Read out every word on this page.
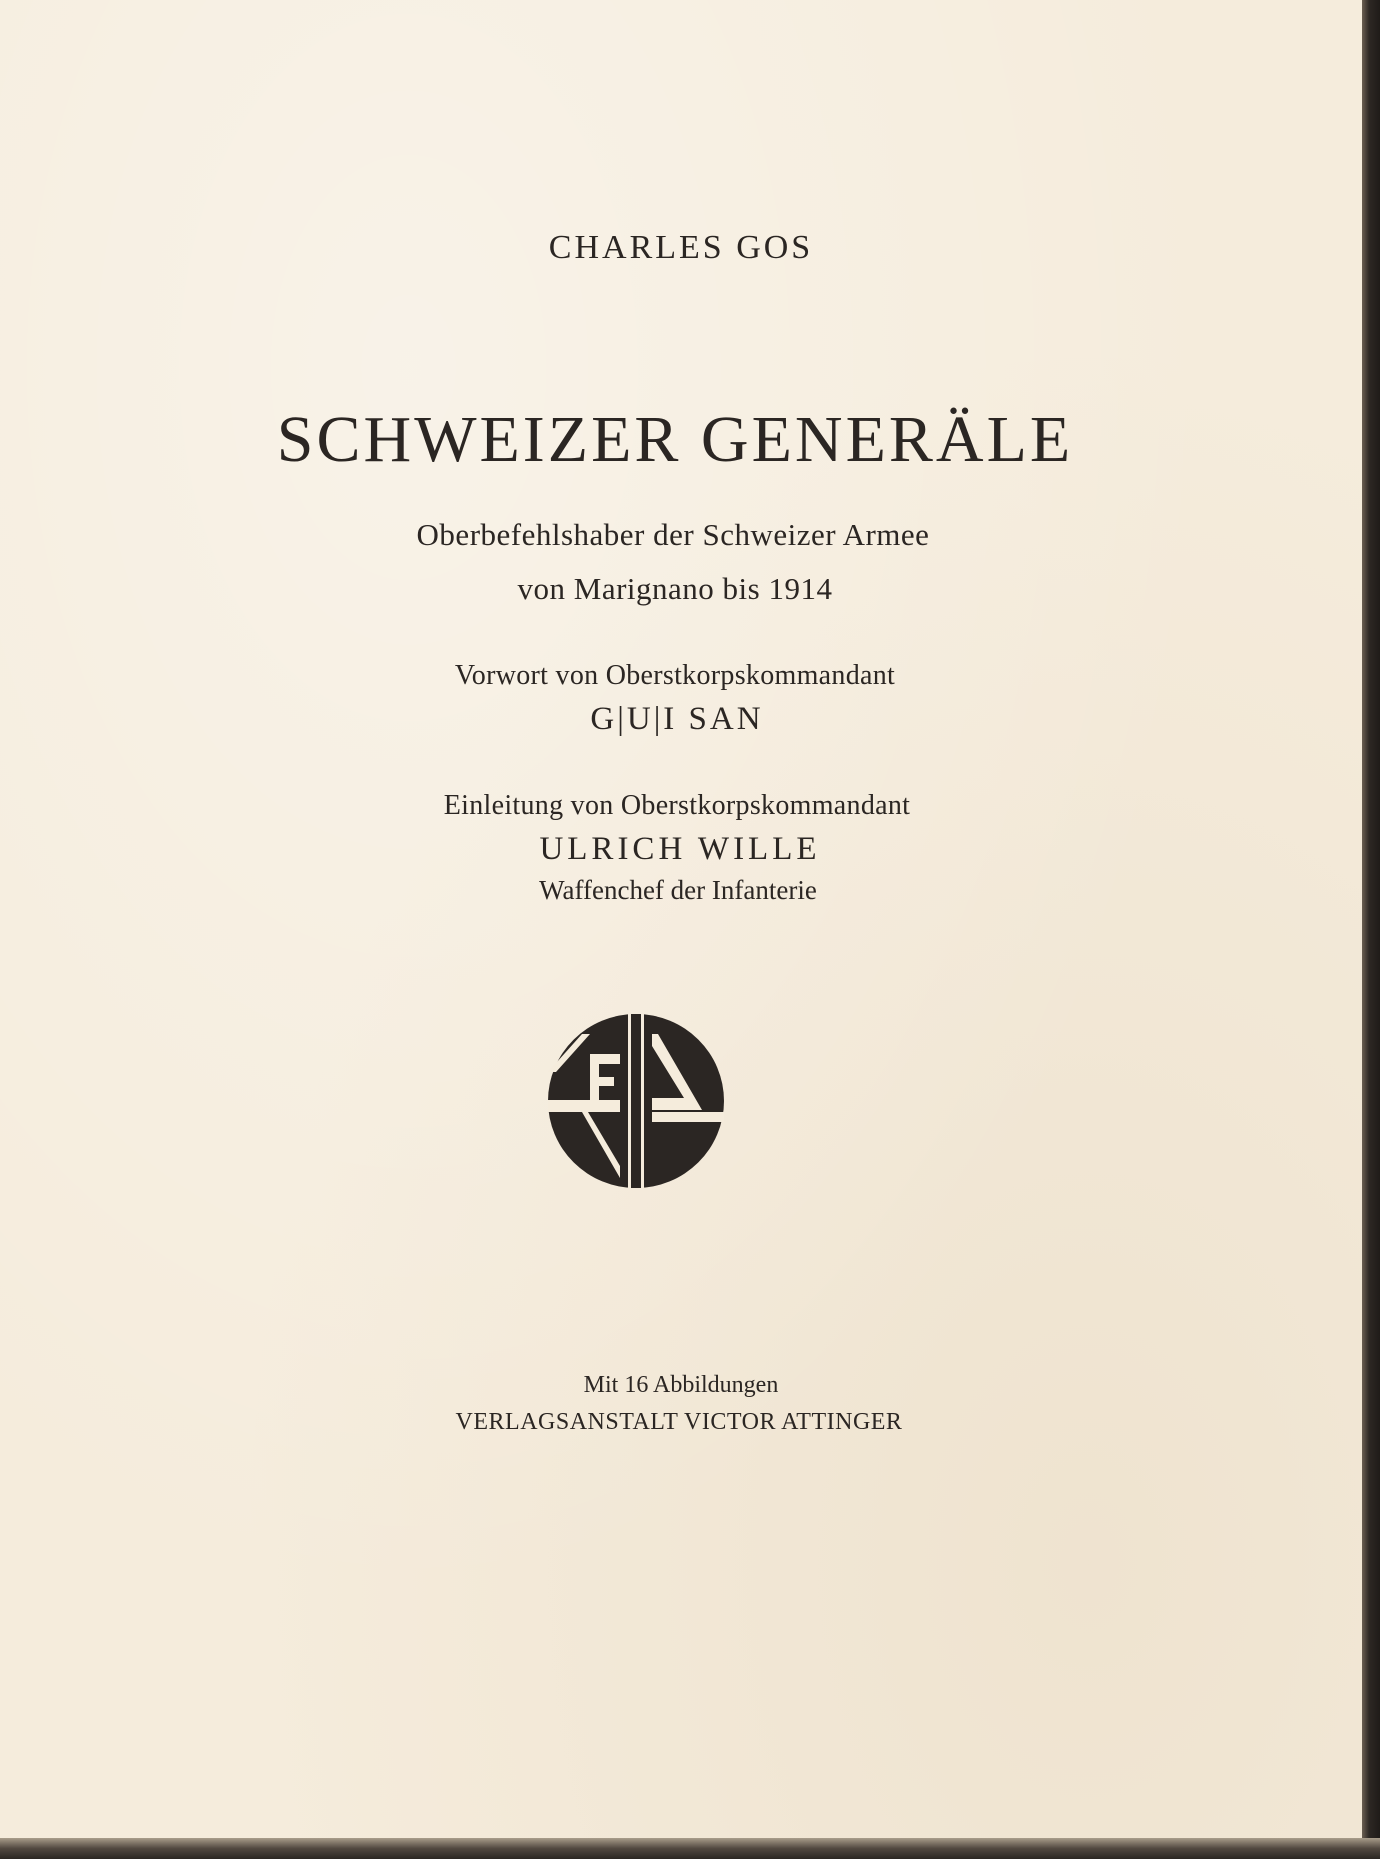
CHARLES GOS
SCHWEIZER GENERÄLE
Oberbefehlshaber der Schweizer Armee
von Marignano bis 1914
Vorwort von Oberstkorpskommandant
G|U|I SAN
Einleitung von Oberstkorpskommandant
ULRICH WILLE
Waffenchef der Infanterie
Mit 16 Abbildungen
VERLAGSANSTALT VICTOR ATTINGER
